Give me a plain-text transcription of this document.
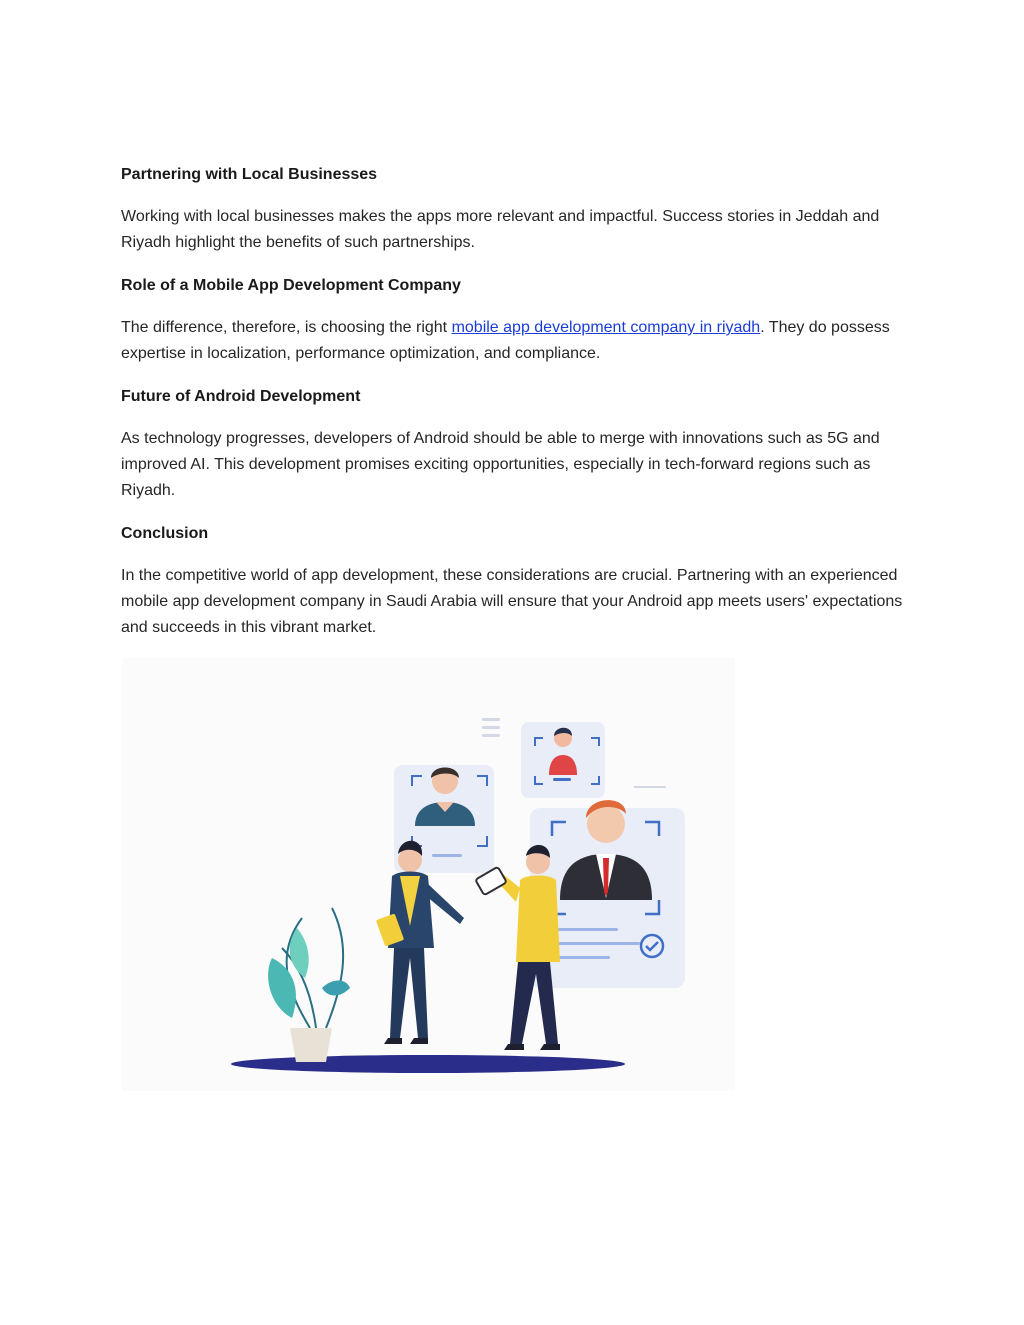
Partnering with Local Businesses
Working with local businesses makes the apps more relevant and impactful. Success stories in Jeddah and Riyadh highlight the benefits of such partnerships.
Role of a Mobile App Development Company
The difference, therefore, is choosing the right mobile app development company in riyadh. They do possess expertise in localization, performance optimization, and compliance.
Future of Android Development
As technology progresses, developers of Android should be able to merge with innovations such as 5G and improved AI. This development promises exciting opportunities, especially in tech-forward regions such as Riyadh.
Conclusion
In the competitive world of app development, these considerations are crucial. Partnering with an experienced mobile app development company in Saudi Arabia will ensure that your Android app meets users' expectations and succeeds in this vibrant market.
